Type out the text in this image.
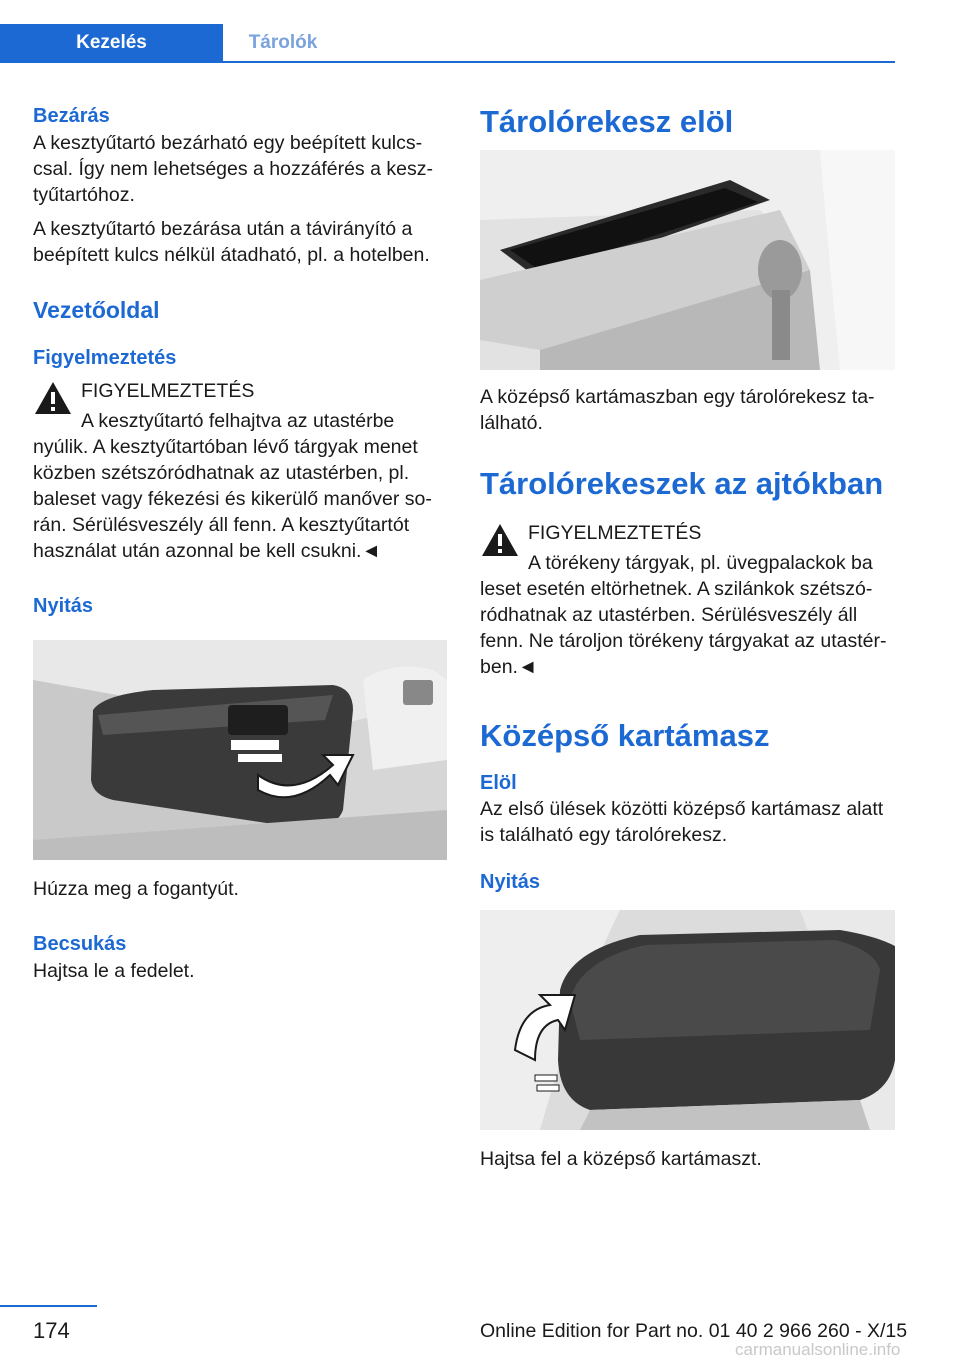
Kezelés	Tárolók
Bezárás

A kesztyűtartó bezárható egy beépített kulcscsal. Így nem lehetséges a hozzáférés a kesztyűtartóhoz.

A kesztyűtartó bezárása után a távirányító a beépített kulcs nélkül átadható, pl. a hotelben.

Vezetőoldal
Figyelmeztetés

FIGYELMEZTETÉS

A kesztyűtartó felhajtva az utastérbe

nyúlik. A kesztyűtartóban lévő tárgyak menet közben szétszóródhatnak az utastérben, pl. baleset vagy fékezési és kikerülő manőver során. Sérülésveszély áll fenn. A kesztyűtartót használat után azonnal be kell csukni.◄

Nyitás

Húzza meg a fogantyút.

Becsukás

Hajtsa le a fedelet.

Tárolórekesz elöl

A középső kartámaszban egy tárolórekesz található.

Tárolórekeszek az ajtókban

FIGYELMEZTETÉS

A törékeny tárgyak, pl. üvegpalackok ba

leset esetén eltörhetnek. A szilánkok szétszóródhatnak az utastérben. Sérülésveszély áll fenn. Ne tároljon törékeny tárgyakat az utastérben.◄

Középső kartámasz
Elöl

Az első ülések közötti középső kartámasz alatt is található egy tárolórekesz.

Nyitás

Hajtsa fel a középső kartámaszt.

174	Online Edition for Part no. 01 40 2 966 260 - X/15
carmanualsonline.info
